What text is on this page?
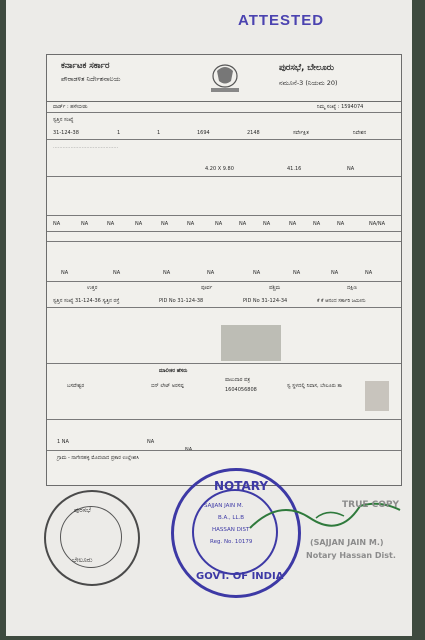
ATTESTED
ಕರ್ನಾಟಕ ಸರ್ಕಾರ
ಪೌರಾಡಳಿತ ನಿರ್ದೇಶನಾಲಯ
ಪುರಸಭೆ, ಬೇಲೂರು
ನಮೂನೆ-3 (ನಿಯಮ 20)
ವಾರ್ಡ್ : ಹಳೇಬೀಡು	ನಿಮ್ಮ ಸಂಖ್ಯೆ : 1594074
ಸ್ವತ್ತಿನ ಸಂಖ್ಯೆ
31-124-38	1	1	1694	2148	ಸರ್ವೇಕ್ಷಿತ	ನಿವೇಶನ
.........................................
4.20 X 9.80	41.16	NA
NA	NA	NA	NA	NA	NA	NA	NA	NA	NA	NA	NA	NA/NA
NA	NA	NA	NA	NA	NA	NA	NA
ಉತ್ತರ	ಪೂರ್ವ	ಪಶ್ಚಿಮ	ದಕ್ಷಿಣ
ಸ್ವತ್ತಿನ ಸಂಖ್ಯೆ 31-124-36 ಸ್ವತ್ತಿನ ರಸ್ತೆ	PID No 31-124-38	PID No 31-124-34	ಕೆ ಕೆ ಆನಂದ ಸರ್ಕಾರಿ ಜಮೀನು
ಮಾಲೀಕರ ಹೆಸರು
ಬಸವೇಶ್ವರ	ಬಿನ್ ಲೇಟ್ ಅರಸಪ್ಪ
ಪಾಲುದಾರ ಪತ್ರ
1604056808
ಸ್ವ ಸ್ಥಳದಲ್ಲಿ ನಿವಾಸ, ಬೇಲೂರು ತಾ
1 NA	NA
NA
ಗ್ರಾಮ - ನಾಗೇನಹಳ್ಳಿ ಮೊದಲಾದ ಪ್ರಕಾರ ಉಲ್ಲೇಖಿಸಿ
ಪುರಸಭೆ
ಬೇಲೂರು
NOTARY
SAJJAN JAIN M.
B.A., LL.B
HASSAN DIST
Reg. No. 10179
GOVT. OF INDIA
TRUE COPY
(SAJJAN JAIN M.)
Notary Hassan Dist.
